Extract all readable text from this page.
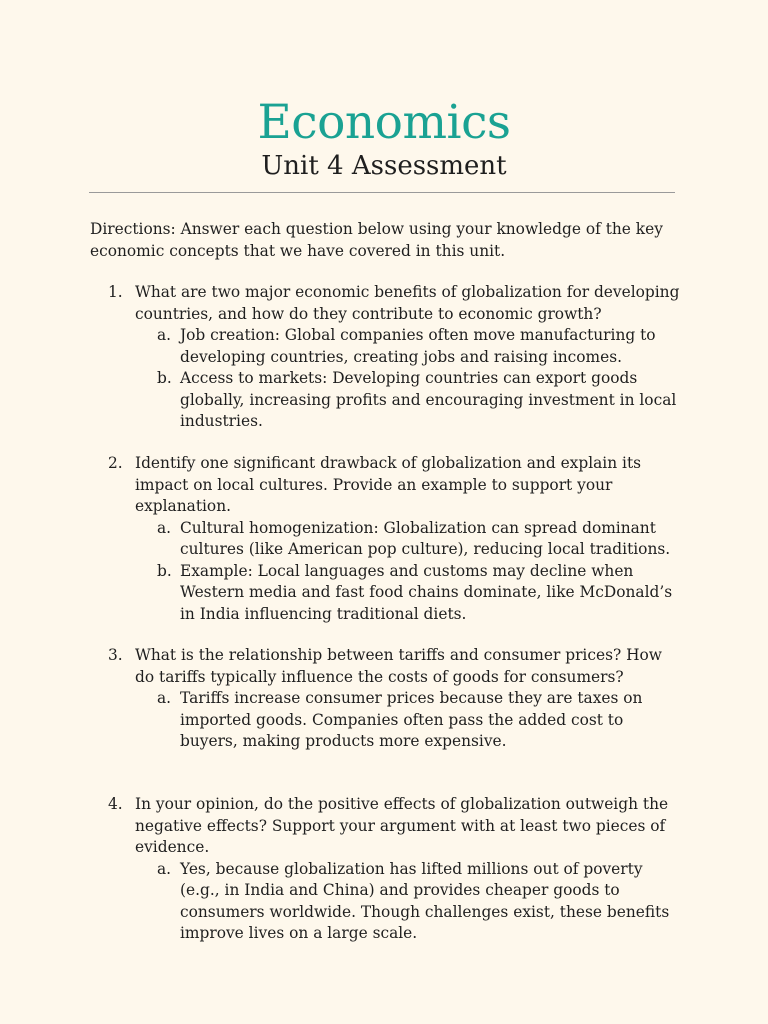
Economics
Unit 4 Assessment
Directions: Answer each question below using your knowledge of the key economic concepts that we have covered in this unit.
1. What are two major economic benefits of globalization for developing countries, and how do they contribute to economic growth?
a. Job creation: Global companies often move manufacturing to developing countries, creating jobs and raising incomes.
b. Access to markets: Developing countries can export goods globally, increasing profits and encouraging investment in local industries.
2. Identify one significant drawback of globalization and explain its impact on local cultures. Provide an example to support your explanation.
a. Cultural homogenization: Globalization can spread dominant cultures (like American pop culture), reducing local traditions.
b. Example: Local languages and customs may decline when Western media and fast food chains dominate, like McDonald’s in India influencing traditional diets.
3. What is the relationship between tariffs and consumer prices? How do tariffs typically influence the costs of goods for consumers?
a. Tariffs increase consumer prices because they are taxes on imported goods. Companies often pass the added cost to buyers, making products more expensive.
4. In your opinion, do the positive effects of globalization outweigh the negative effects? Support your argument with at least two pieces of evidence.
a. Yes, because globalization has lifted millions out of poverty (e.g., in India and China) and provides cheaper goods to consumers worldwide. Though challenges exist, these benefits improve lives on a large scale.
